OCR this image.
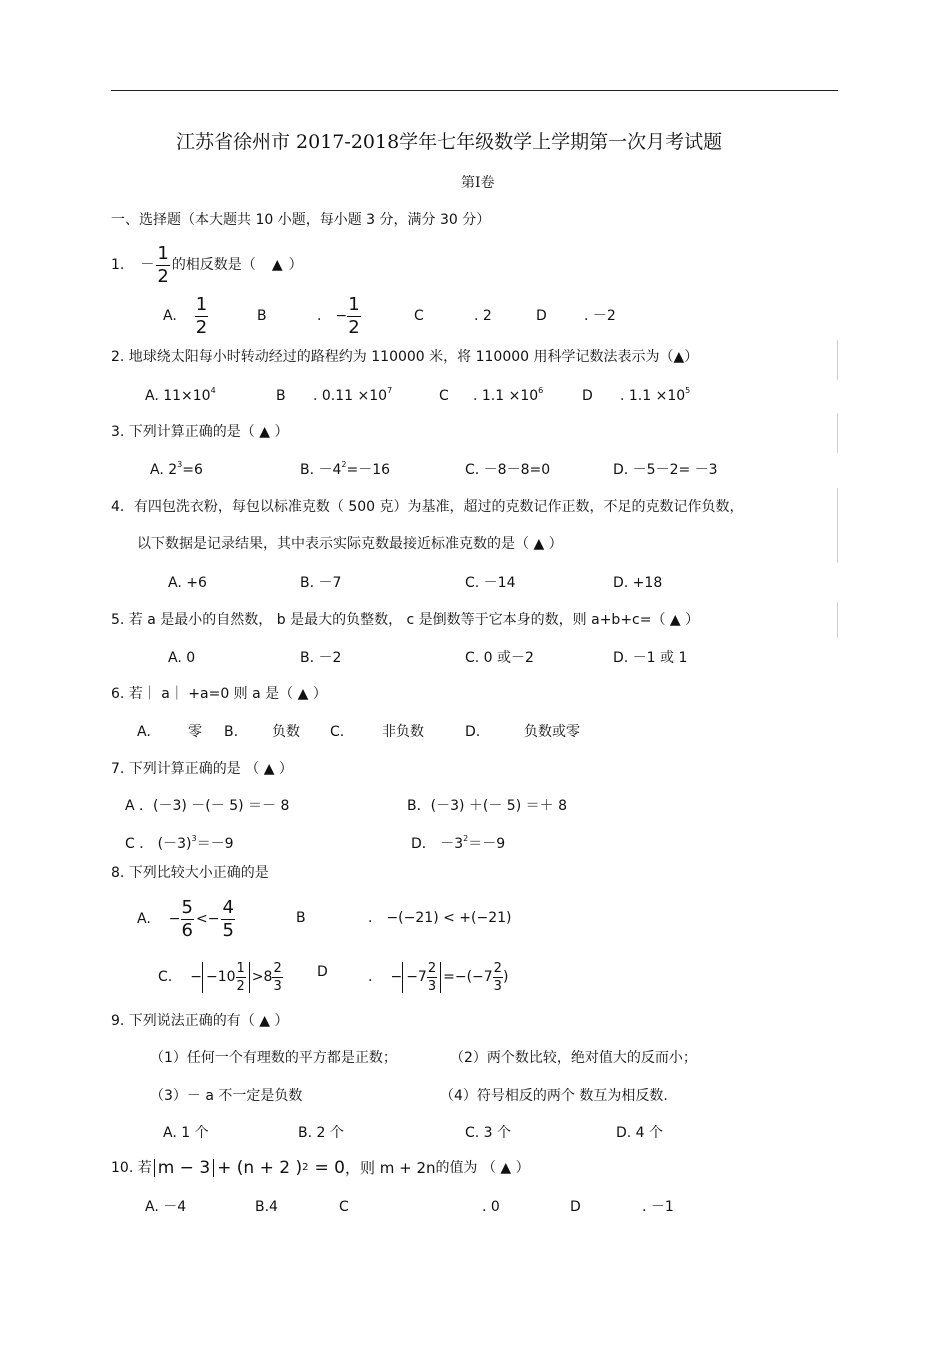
江苏省徐州市 2017-2018学年七年级数学上学期第一次月考试题
第Ⅰ卷
一、选择题（本大题共 10 小题，每小题 3 分，满分 30 分）
1. － $\frac{1}{2}$ 的相反数是（ ▲ ）
A. $\frac{1}{2}$	B	. − $\frac{1}{2}$	C	. 2	D	. －2
2. 地球绕太阳每小时转动经过的路程约为 110000 米，将 110000 用科学记数法表示为（▲）
A. $11\times 10^4$	B . $0.11 \times 10^7$	C . $1.1 \times 10^6$	D . $1.1 \times 10^5$
3. 下列计算正确的是（ ▲ ）
A. $2^3=6$	B. $-4^2=-16$	C. －8－8=0	D. －5－2= －3
4．有四包洗衣粉，每包以标准克数（ 500 克）为基准，超过的克数记作正数，不足的克数记作负数，
以下数据是记录结果，其中表示实际克数最接近标准克数的是（ ▲ ）
A. +6	B. －7	C. －14	D. +18
5. 若 a 是最小的自然数， b 是最大的负整数， c 是倒数等于它本身的数，则 a+b+c=（ ▲ ）
A. 0	B. －2	C. 0 或－2	D. －1 或 1
6. 若｜ a｜ +a=0 则 a 是（ ▲ ）
A.	零 B. 负数 C.	非负数	D.	负数或零
7. 下列计算正确的是 （ ▲ ）
A ．(－3) －(－ 5) ＝－ 8	B．(－3) ＋(－ 5) ＝＋ 8
C ． $(-3)^3=-9$	D． $-3^2=-9$
8. 下列比较大小正确的是
A. − $\frac{5}{6} <- \frac{4}{5}$	B	. −(−21) < +(−21)
C. − $-10 \frac{1}{2} >8 \frac{2}{3}$ D	. − $-7 \frac{2}{3} =-(-7 \frac{2}{3}$ )
9. 下列说法正确的有（ ▲ ）
（1）任何一个有理数的平方都是正数；	（2）两个数比较，绝对值大的反而小；
（3）－ a 不一定是负数	（4）符号相反的两个 数互为相反数.
A. 1 个	B. 2 个	C. 3 个	D. 4 个
10. 若 m − 3 + (n + 2 ) 2 = 0 ，则 m + 2n 的值为 （ ▲ ）
A. －4	B.4	C	. 0	D	. －1
